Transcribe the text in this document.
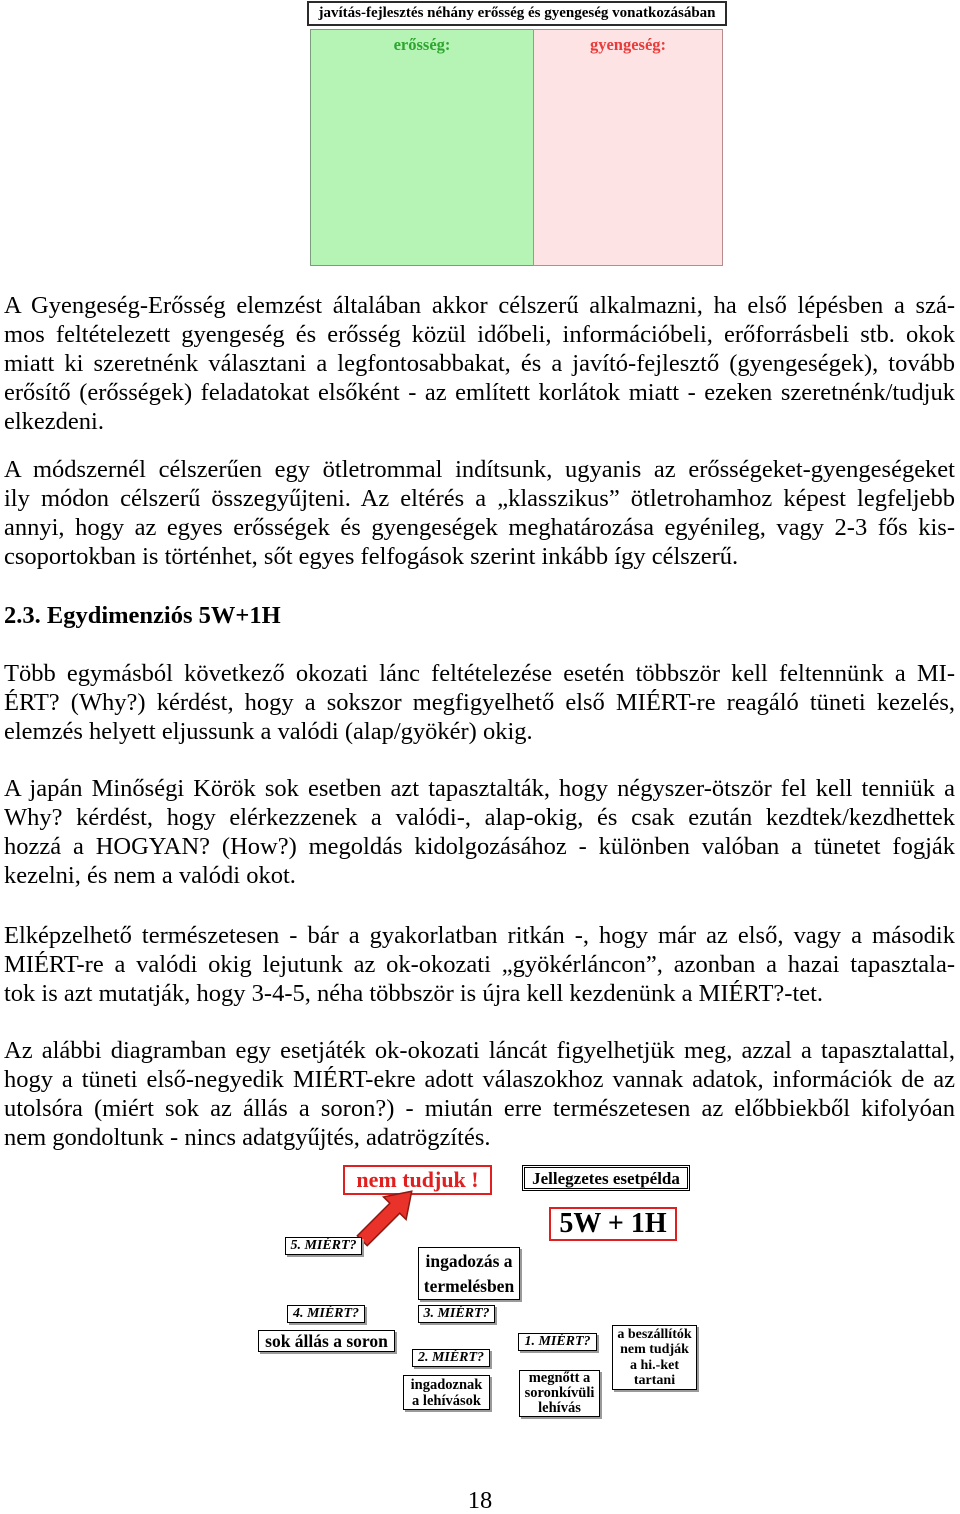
javítás-fejlesztés néhány erősség és gyengeség vonatkozásában
erősség:	gyengeség:
A Gyengeség-Erősség elemzést általában akkor célszerű alkalmazni, ha első lépésben a szá-
mos feltételezett gyengeség és erősség közül időbeli, információbeli, erőforrásbeli stb. okok
miatt ki szeretnénk választani a legfontosabbakat, és a javító-fejlesztő (gyengeségek), tovább
erősítő (erősségek) feladatokat elsőként - az említett korlátok miatt - ezeken szeretnénk/tudjuk
elkezdeni.
A módszernél célszerűen egy ötletrommal indítsunk, ugyanis az erősségeket-gyengeségeket
ily módon célszerű összegyűjteni. Az eltérés a „klasszikus” ötletrohamhoz képest legfeljebb
annyi, hogy az egyes erősségek és gyengeségek meghatározása egyénileg, vagy 2-3 fős kis-
csoportokban is történhet, sőt egyes felfogások szerint inkább így célszerű.
2.3. Egydimenziós 5W+1H
Több egymásból következő okozati lánc feltételezése esetén többször kell feltennünk a MI-
ÉRT? (Why?) kérdést, hogy a sokszor megfigyelhető első MIÉRT-re reagáló tüneti kezelés,
elemzés helyett eljussunk a valódi (alap/gyökér) okig.
A japán Minőségi Körök sok esetben azt tapasztalták, hogy négyszer-ötször fel kell tenniük a
Why? kérdést, hogy elérkezzenek a valódi-, alap-okig, és csak ezután kezdtek/kezdhettek
hozzá a HOGYAN? (How?) megoldás kidolgozásához - különben valóban a tünetet fogják
kezelni, és nem a valódi okot.
Elképzelhető természetesen - bár a gyakorlatban ritkán -, hogy már az első, vagy a második
MIÉRT-re a valódi okig lejutunk az ok-okozati „gyökérláncon”, azonban a hazai tapasztala-
tok is azt mutatják, hogy 3-4-5, néha többször is újra kell kezdenünk a MIÉRT?-tet.
Az alábbi diagramban egy esetjáték ok-okozati láncát figyelhetjük meg, azzal a tapasztalattal,
hogy a tüneti első-negyedik MIÉRT-ekre adott válaszokhoz vannak adatok, információk de az
utolsóra (miért sok az állás a soron?) - miután erre természetesen az előbbiekből kifolyóan
nem gondoltunk - nincs adatgyűjtés, adatrögzítés.
nem tudjuk !	Jellegzetes esetpélda
5W + 1H
5. MIÉRT?
ingadozás a
termelésben
4. MIÉRT?	3. MIÉRT?
sok állás a soron	1. MIÉRT?	a beszállítók
nem tudják
a hi.-ket
tartani
2. MIÉRT?
ingadoznak
a lehívások
megnőtt a
soronkívüli
lehívás
18
